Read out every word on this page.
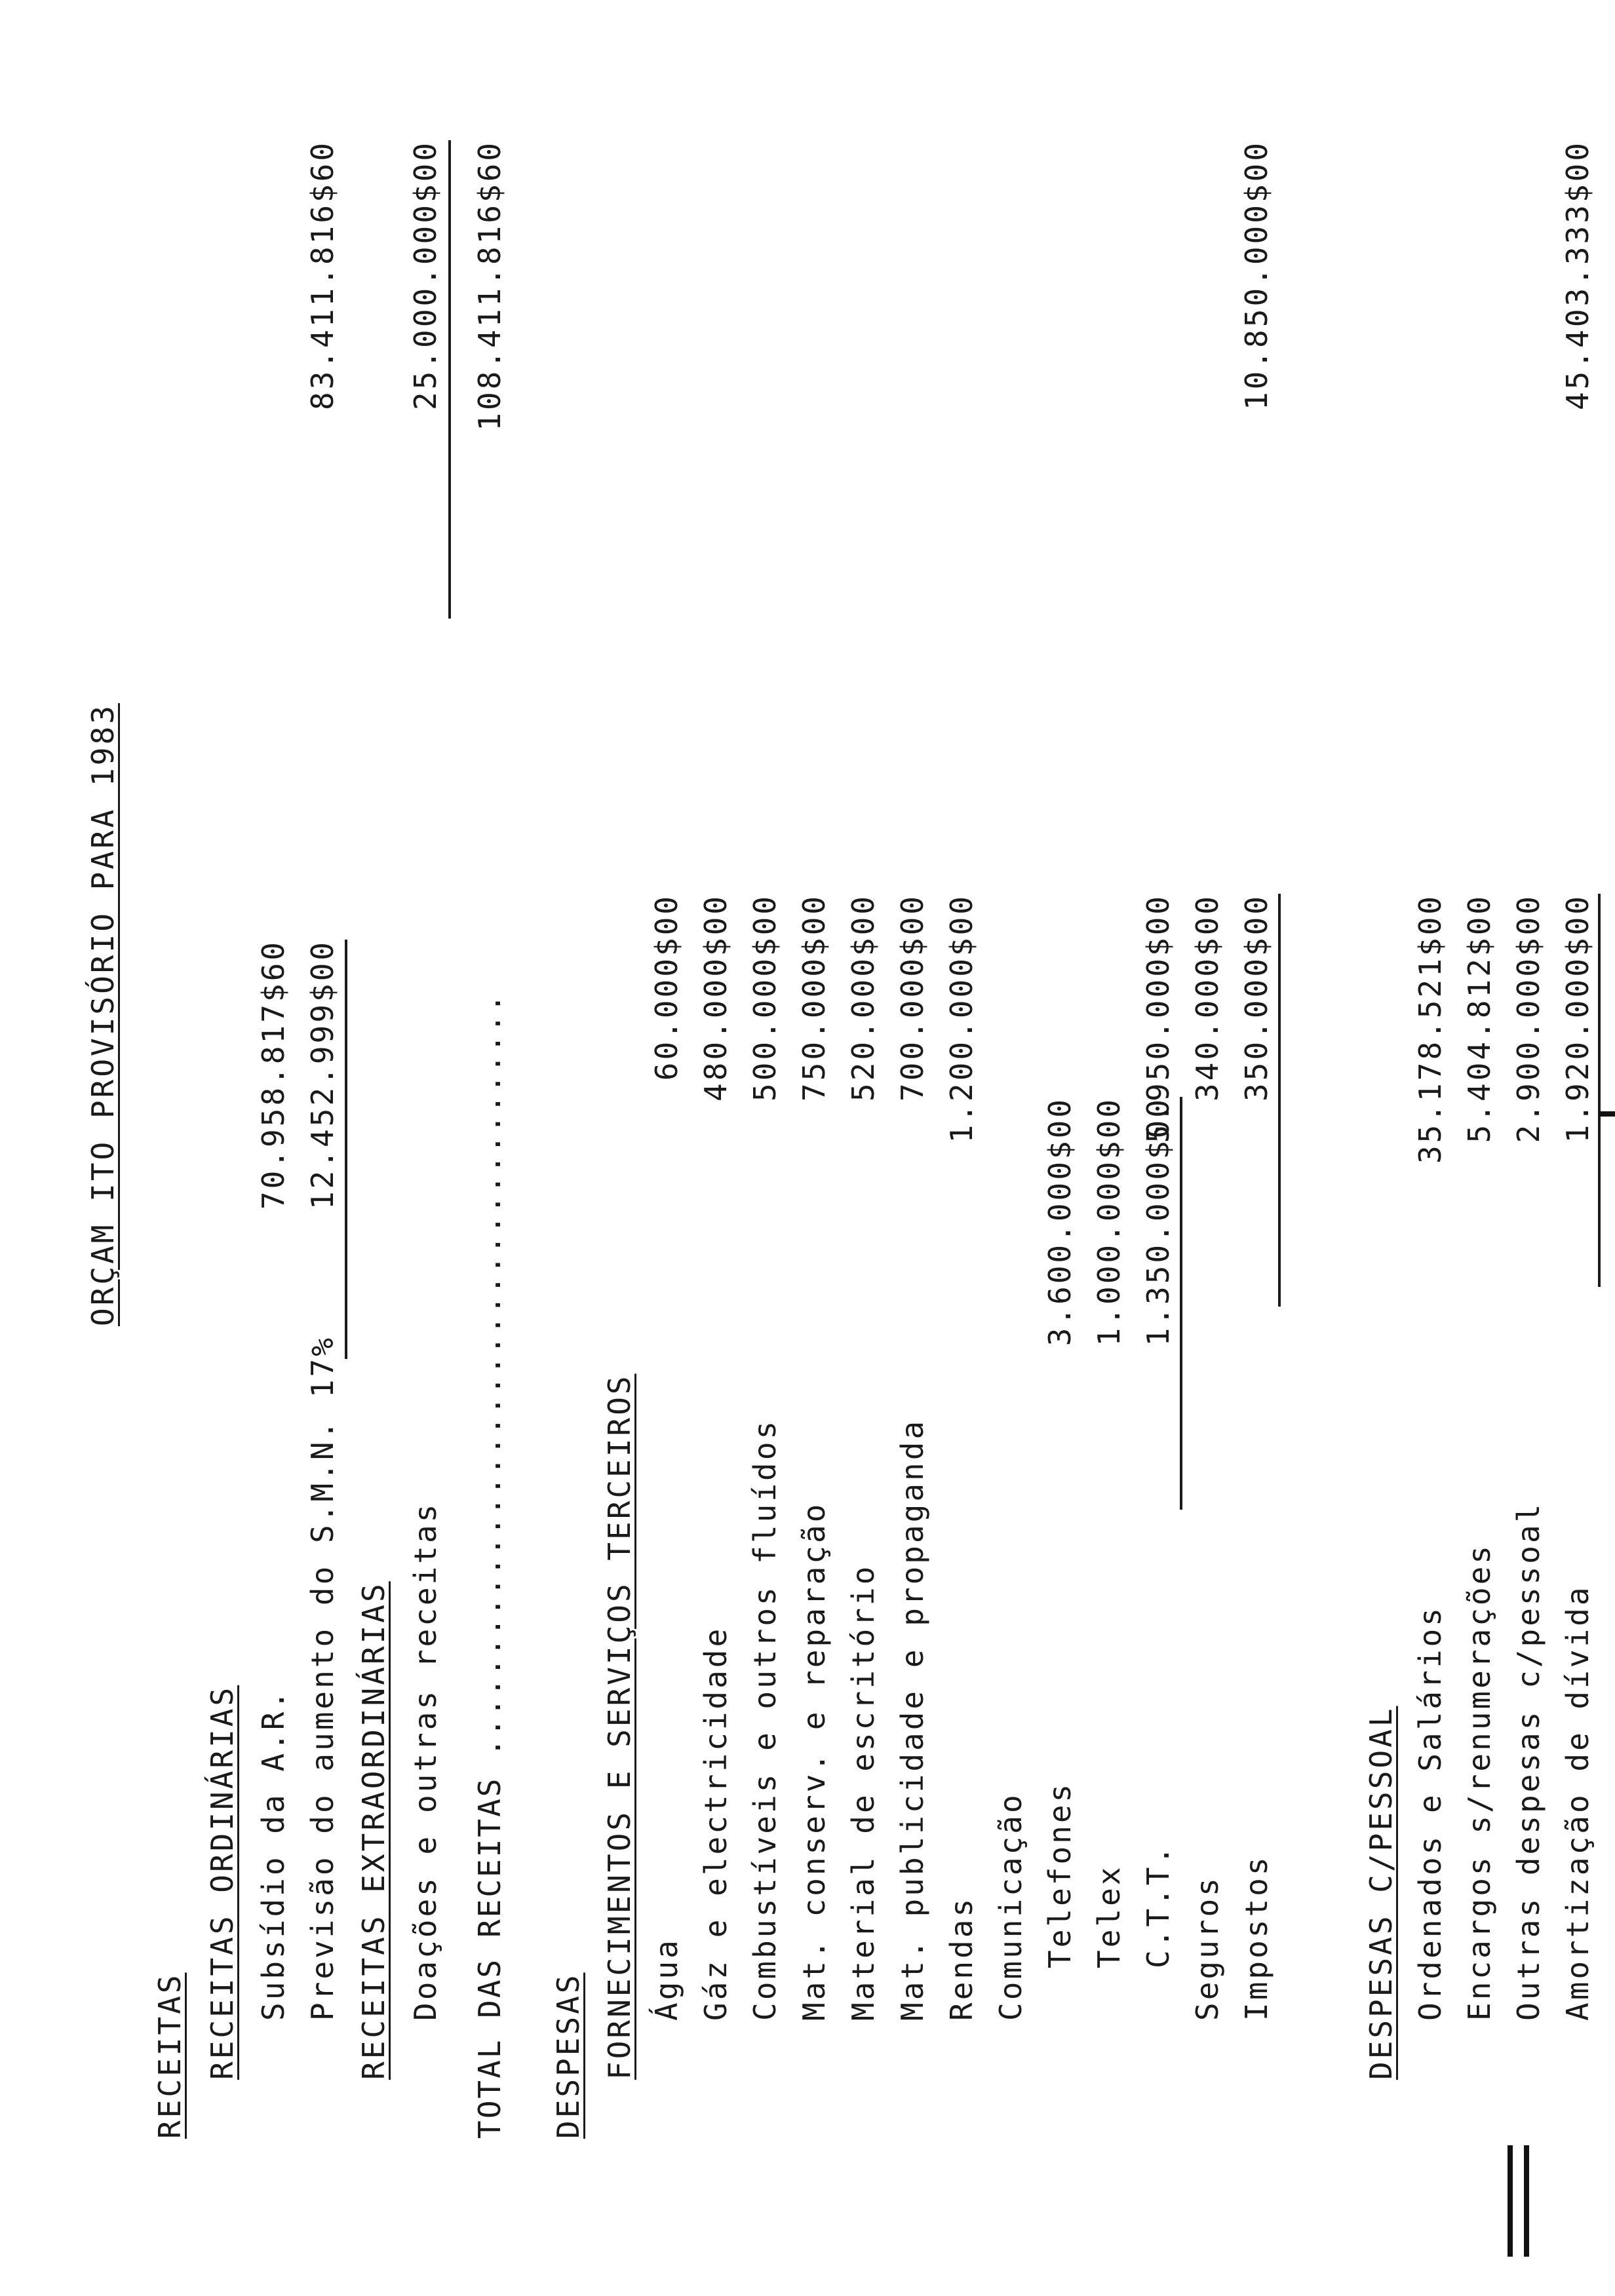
ORÇAM ITO PROVISÓRIO PARA 1983
RECEITAS RECEITAS ORDINÁRIAS Subsídio da A.R.
70.958.817$60
Previsão do aumento do S.M.N. 17%
12.452.999$00
83.411.816$60
RECEITAS EXTRAORDINÁRIAS Doações e outras receitas
25.000.000$00
TOTAL DAS RECEITAS ......................................
108.411.816$60
DESPESAS FORNECIMENTOS E SERVIÇOS TERCEIROS Água
60.000$00
Gáz e electricidade
480.000$00
Combustíveis e outros fluídos
500.000$00
Mat. conserv. e reparação
750.000$00
Material de escritório
520.000$00
Mat. publicidade e propaganda
700.000$00
Rendas
1.200.000$00
Comunicação Telefones
3.600.000$00
Telex
1.000.000$00
C.T.T.
1.350.000$00
5.950.000$00
Seguros
340.000$00
Impostos
350.000$00
10.850.000$00
DESPESAS C/PESSOAL Ordenados e Salários
35.178.521$00
Encargos s/renumerações
5.404.812$00
Outras despesas c/pessoal
2.900.000$00
Amortização de dívida
1.920.000$00
45.403.333$00
